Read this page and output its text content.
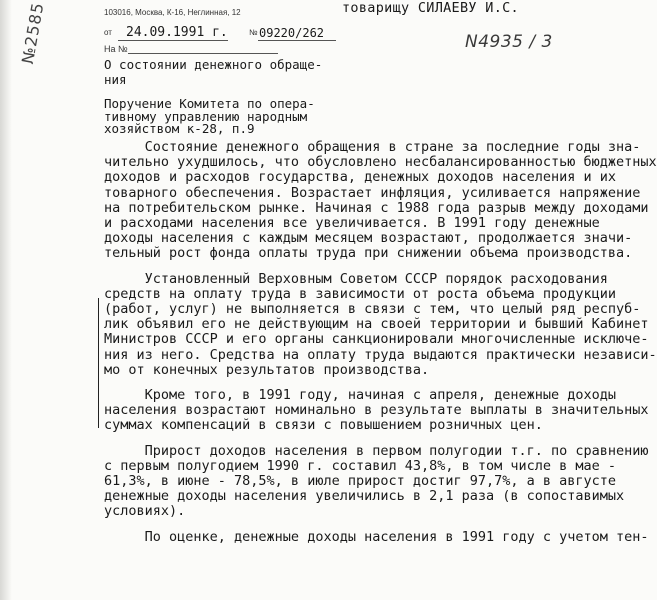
№2585	103016, Москва, К-16, Неглинная, 12	товарищу СИЛАЕВУ И.С.
N4935 / 3
от 24.09.1991 г.	№ 09220/262
На №
О состоянии денежного обраще-
ния
Поручение Комитета по опера-
тивному управлению народным
хозяйством к-28, п.9
Состояние денежного обращения в стране за последние годы зна-
чительно ухудшилось, что обусловлено несбалансированностью бюджетных
доходов и расходов государства, денежных доходов населения и их
товарного обеспечения. Возрастает инфляция, усиливается напряжение
на потребительском рынке. Начиная с 1988 года разрыв между доходами
и расходами населения все увеличивается. В 1991 году денежные
доходы населения с каждым месяцем возрастают, продолжается значи-
тельный рост фонда оплаты труда при снижении объема производства.
Установленный Верховным Советом СССР порядок расходования
средств на оплату труда в зависимости от роста объема продукции
(работ, услуг) не выполняется в связи с тем, что целый ряд респуб-
лик объявил его не действующим на своей территории и бывший Кабинет
Министров СССР и его органы санкционировали многочисленные исключе-
ния из него. Средства на оплату труда выдаются практически независи-
мо от конечных результатов производства.
Кроме того, в 1991 году, начиная с апреля, денежные доходы
населения возрастают номинально в результате выплаты в значительных
суммах компенсаций в связи с повышением розничных цен.
Прирост доходов населения в первом полугодии т.г. по сравнению
с первым полугодием 1990 г. составил 43,8%, в том числе в мае -
61,3%, в июне - 78,5%, в июле прирост достиг 97,7%, а в августе
денежные доходы населения увеличились в 2,1 раза (в сопоставимых
условиях).
По оценке, денежные доходы населения в 1991 году с учетом тен-
